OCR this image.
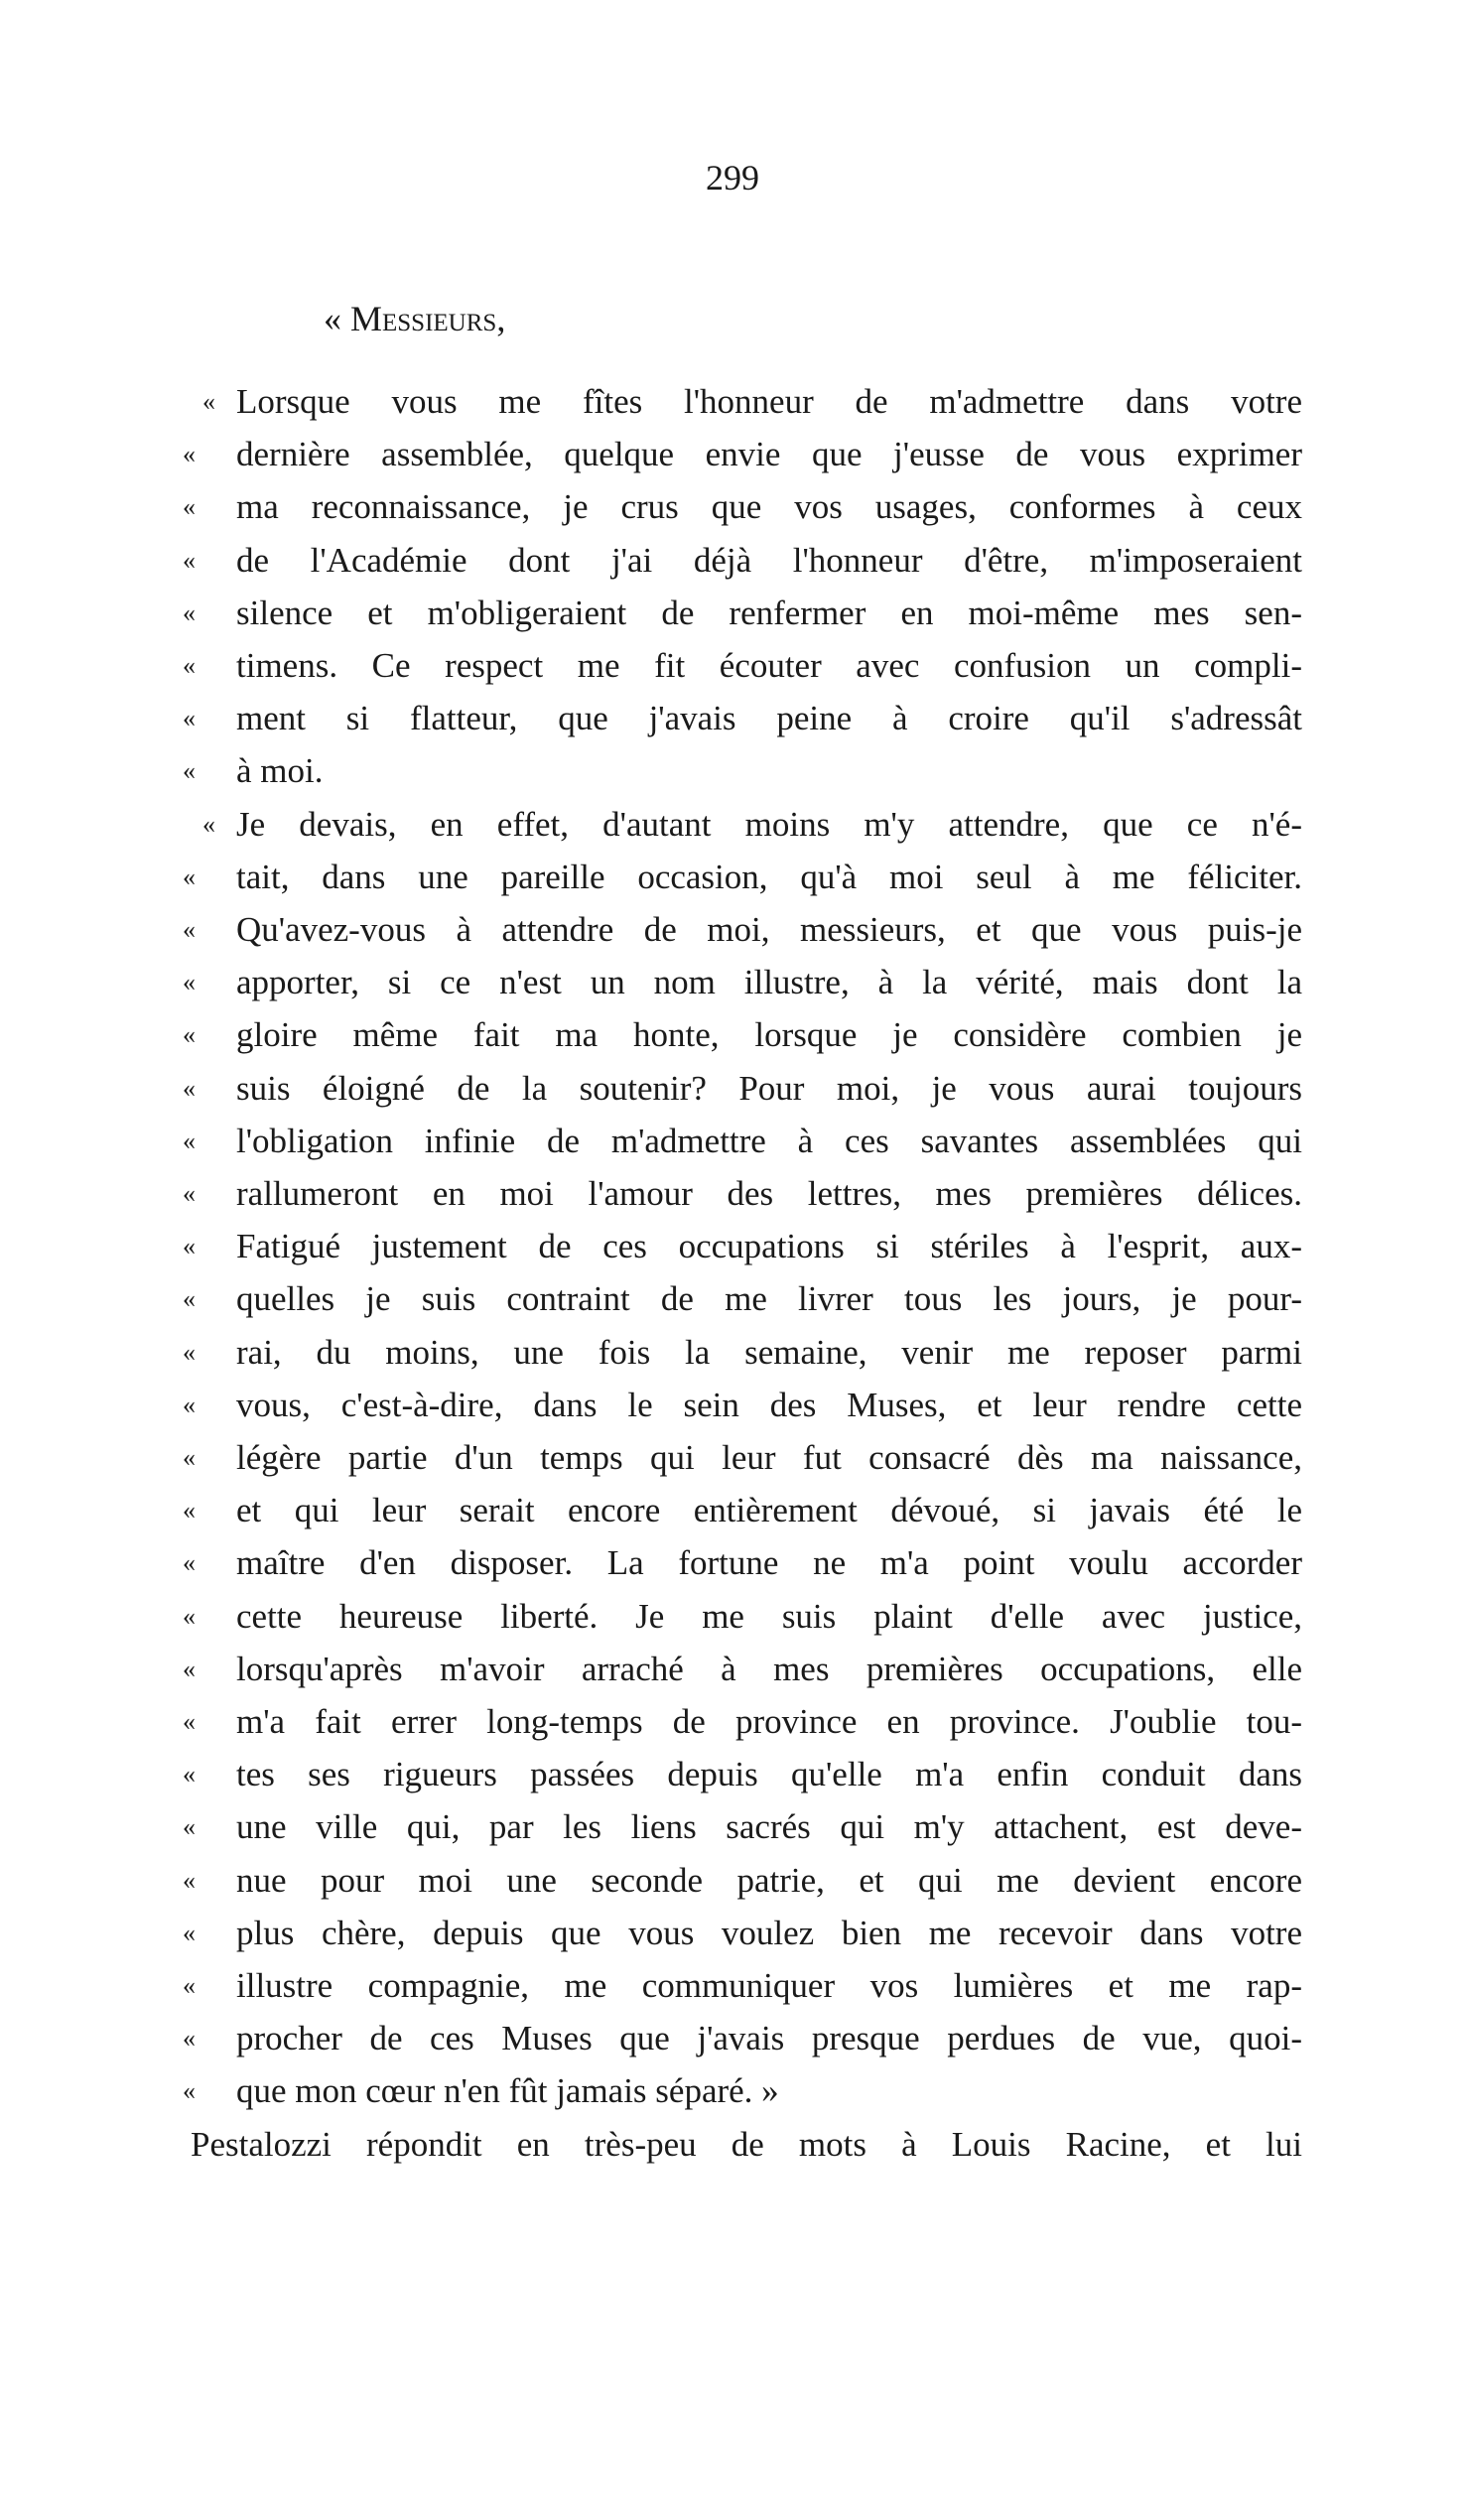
299
« Messieurs,
« Lorsque vous me fîtes l'honneur de m'admettre dans votre
« dernière assemblée, quelque envie que j'eusse de vous exprimer
« ma reconnaissance, je crus que vos usages, conformes à ceux
« de l'Académie dont j'ai déjà l'honneur d'être, m'imposeraient
« silence et m'obligeraient de renfermer en moi-même mes sen-
« timens. Ce respect me fit écouter avec confusion un compli-
« ment si flatteur, que j'avais peine à croire qu'il s'adressât
« à moi.
« Je devais, en effet, d'autant moins m'y attendre, que ce n'é-
« tait, dans une pareille occasion, qu'à moi seul à me féliciter.
« Qu'avez-vous à attendre de moi, messieurs, et que vous puis-je
« apporter, si ce n'est un nom illustre, à la vérité, mais dont la
« gloire même fait ma honte, lorsque je considère combien je
« suis éloigné de la soutenir? Pour moi, je vous aurai toujours
« l'obligation infinie de m'admettre à ces savantes assemblées qui
« rallumeront en moi l'amour des lettres, mes premières délices.
« Fatigué justement de ces occupations si stériles à l'esprit, aux-
« quelles je suis contraint de me livrer tous les jours, je pour-
« rai, du moins, une fois la semaine, venir me reposer parmi
« vous, c'est-à-dire, dans le sein des Muses, et leur rendre cette
« légère partie d'un temps qui leur fut consacré dès ma naissance,
« et qui leur serait encore entièrement dévoué, si javais été le
« maître d'en disposer. La fortune ne m'a point voulu accorder
« cette heureuse liberté. Je me suis plaint d'elle avec justice,
« lorsqu'après m'avoir arraché à mes premières occupations, elle
« m'a fait errer long-temps de province en province. J'oublie tou-
« tes ses rigueurs passées depuis qu'elle m'a enfin conduit dans
« une ville qui, par les liens sacrés qui m'y attachent, est deve-
« nue pour moi une seconde patrie, et qui me devient encore
« plus chère, depuis que vous voulez bien me recevoir dans votre
« illustre compagnie, me communiquer vos lumières et me rap-
« procher de ces Muses que j'avais presque perdues de vue, quoi-
« que mon cœur n'en fût jamais séparé. »
Pestalozzi répondit en très-peu de mots à Louis Racine, et lui
